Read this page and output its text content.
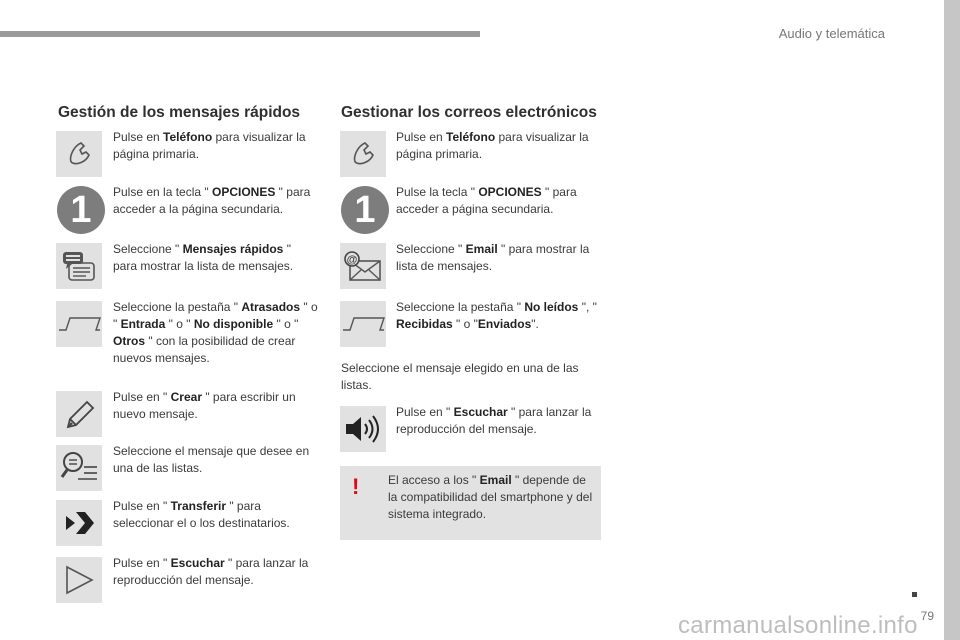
Audio y telemática
79
carmanualsonline.info
Gestión de los mensajes rápidos
Pulse en Teléfono para visualizar la página primaria.
1	Pulse en la tecla " OPCIONES " para acceder a la página secundaria.
Seleccione " Mensajes rápidos " para mostrar la lista de mensajes.
Seleccione la pestaña " Atrasados " o " Entrada " o " No disponible " o " Otros " con la posibilidad de crear nuevos mensajes.
Pulse en " Crear " para escribir un nuevo mensaje.
Seleccione el mensaje que desee en una de las listas.
Pulse en " Transferir " para seleccionar el o los destinatarios.
Pulse en " Escuchar " para lanzar la reproducción del mensaje.
Gestionar los correos electrónicos
Pulse en Teléfono para visualizar la página primaria.
1	Pulse la tecla " OPCIONES " para acceder a página secundaria.
@
Seleccione " Email " para mostrar la lista de mensajes.
Seleccione la pestaña " No leídos ", " Recibidas " o "Enviados".
Seleccione el mensaje elegido en una de las listas.
Pulse en " Escuchar " para lanzar la reproducción del mensaje.
! El acceso a los " Email " depende de la compatibilidad del smartphone y del sistema integrado.
